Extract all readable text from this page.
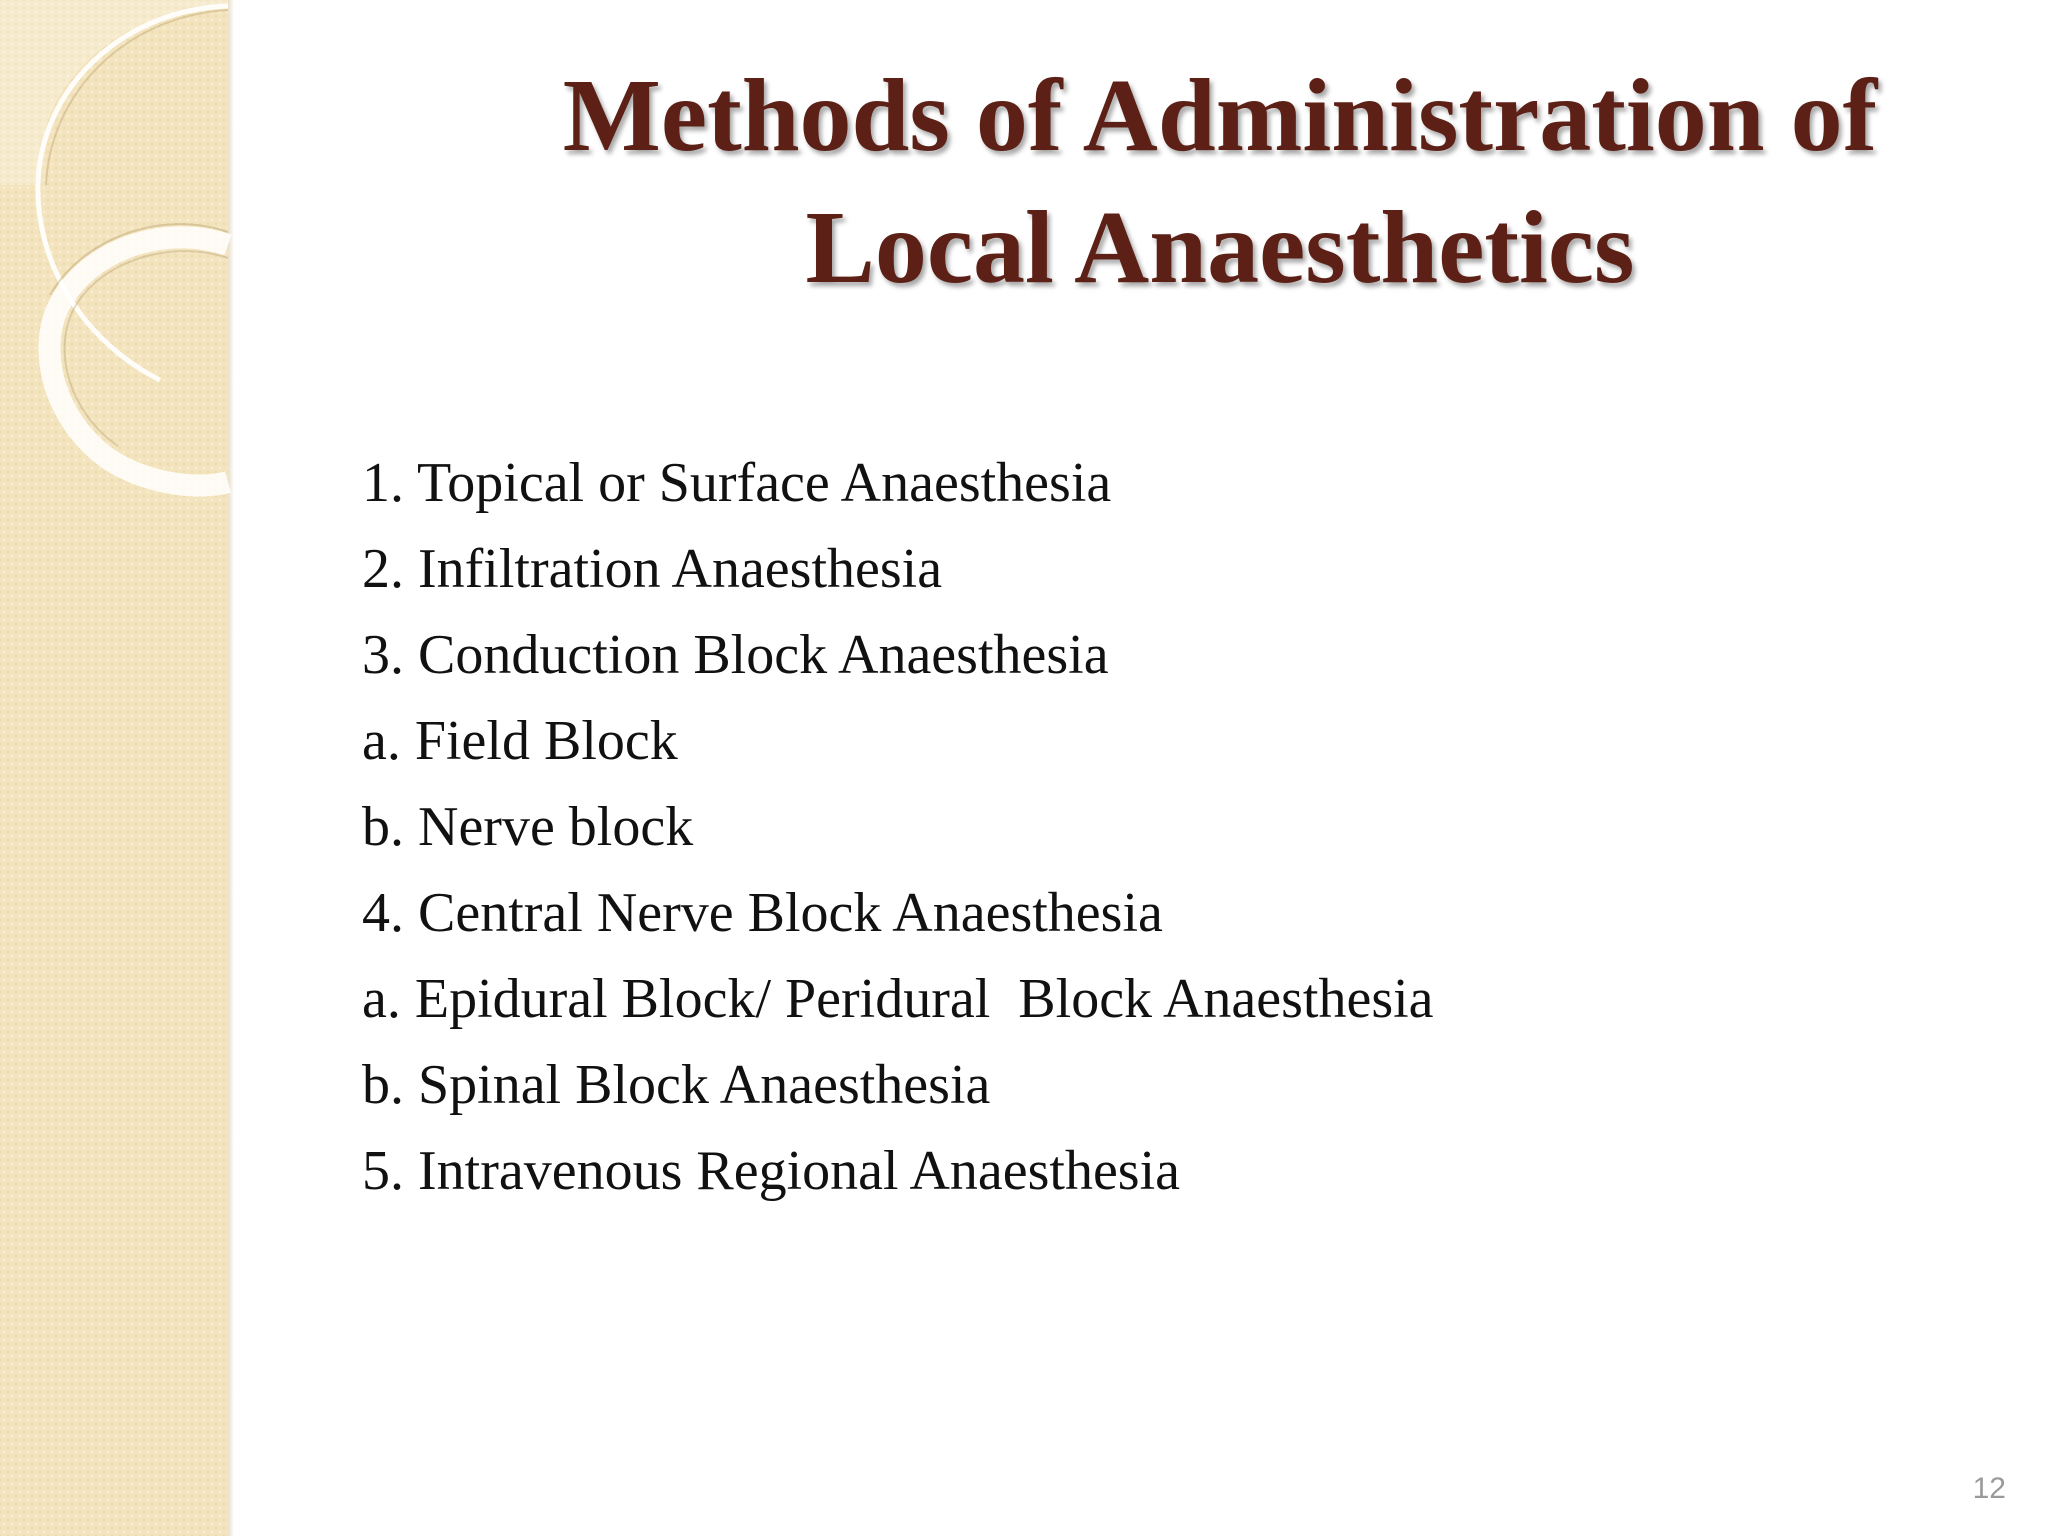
Methods of Administration of
Local Anaesthetics
1. Topical or Surface Anaesthesia
2. Infiltration Anaesthesia
3. Conduction Block Anaesthesia
a. Field Block
b. Nerve block
4. Central Nerve Block Anaesthesia
a. Epidural Block/ Peridural  Block Anaesthesia
b. Spinal Block Anaesthesia
5. Intravenous Regional Anaesthesia
12
